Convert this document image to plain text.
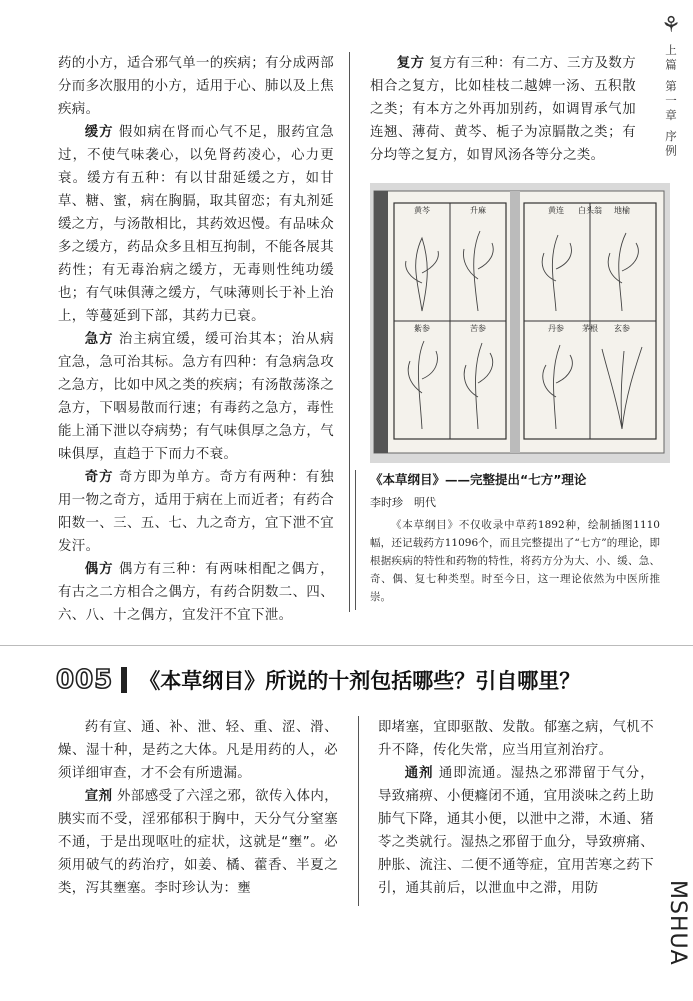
⚘
上篇 第一章 序例

药的小方，适合邪气单一的疾病；有分成两部分而多次服用的小方，适用于心、肺以及上焦疾病。

缓方 假如病在肾而心气不足，服药宜急过，不使气味袭心，以免肾药凌心，心力更衰。缓方有五种：有以甘甜延缓之方，如甘草、糖、蜜，病在胸膈，取其留恋；有丸剂延缓之方，与汤散相比，其药效迟慢。有品味众多之缓方，药品众多且相互拘制，不能各展其药性；有无毒治病之缓方，无毒则性纯功缓也；有气味俱薄之缓方，气味薄则长于补上治上，等蔓延到下部，其药力已衰。

急方 治主病宜缓，缓可治其本；治从病宜急，急可治其标。急方有四种：有急病急攻之急方，比如中风之类的疾病；有汤散荡涤之急方，下咽易散而行速；有毒药之急方，毒性能上涌下泄以夺病势；有气味俱厚之急方，气味俱厚，直趋于下而力不衰。

奇方 奇方即为单方。奇方有两种：有独用一物之奇方，适用于病在上而近者；有药合阳数一、三、五、七、九之奇方，宜下泄不宜发汗。

偶方 偶方有三种：有两味相配之偶方，有古之二方相合之偶方，有药合阴数二、四、六、八、十之偶方，宜发汗不宜下泄。

复方 复方有三种：有二方、三方及数方相合之复方，比如桂枝二越婢一汤、五积散之类；有本方之外再加别药，如调胃承气加连翘、薄荷、黄芩、栀子为凉膈散之类；有分均等之复方，如胃风汤各等分之类。

黄芩	升麻
紫参	苦参
黄连	地榆
丹参	玄参
白头翁
茅根
《本草纲目》——完整提出“七方”理论
李时珍　明代
《本草纲目》不仅收录中草药1892种，绘制插图1110幅，还记载药方11096个，而且完整提出了“七方”的理论，即根据疾病的特性和药物的特性，将药方分为大、小、缓、急、奇、偶、复七种类型。时至今日，这一理论依然为中医所推崇。
005 《本草纲目》所说的十剂包括哪些？引自哪里？

药有宣、通、补、泄、轻、重、涩、滑、燥、湿十种，是药之大体。凡是用药的人，必须详细审查，才不会有所遗漏。

宣剂 外部感受了六淫之邪，欲传入体内，胰实而不受，淫邪郁积于胸中，天分气分窒塞不通，于是出现呕吐的症状，这就是“壅”。必须用破气的药治疗，如姜、橘、藿香、半夏之类，泻其壅塞。李时珍认为：壅

即堵塞，宜即驱散、发散。郁塞之病，气机不升不降，传化失常，应当用宣剂治疗。

通剂 通即流通。湿热之邪滞留于气分，导致痛痹、小便癃闭不通，宜用淡味之药上助肺气下降，通其小便，以泄中之滞，木通、猪苓之类就行。湿热之邪留于血分，导致痹痛、肿胀、流注、二便不通等症，宜用苦寒之药下引，通其前后，以泄血中之滞，用防	MSHUA
